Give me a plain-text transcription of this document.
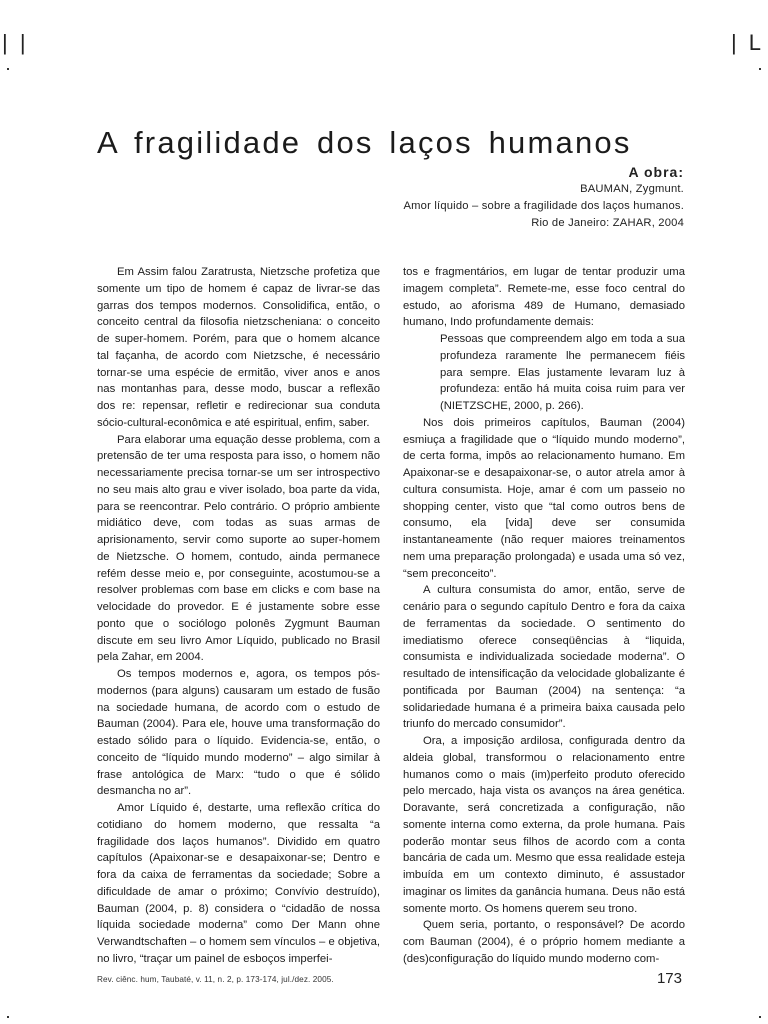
| |	| L
A fragilidade dos laços humanos
A obra:
BAUMAN, Zygmunt.
Amor líquido – sobre a fragilidade dos laços humanos.
Rio de Janeiro: ZAHAR, 2004

Em Assim falou Zaratrusta, Nietzsche profetiza que somente um tipo de homem é capaz de livrar-se das garras dos tempos modernos. Consolidifica, então, o conceito central da filosofia nietzscheniana: o conceito de super-homem. Porém, para que o homem alcance tal façanha, de acordo com Nietzsche, é necessário tornar-se uma espécie de ermitão, viver anos e anos nas montanhas para, desse modo, buscar a reflexão dos re: repensar, refletir e redirecionar sua conduta sócio-cultural-econômica e até espiritual, enfim, saber.

Para elaborar uma equação desse problema, com a pretensão de ter uma resposta para isso, o homem não necessariamente precisa tornar-se um ser introspectivo no seu mais alto grau e viver isolado, boa parte da vida, para se reencontrar. Pelo contrário. O próprio ambiente midiático deve, com todas as suas armas de aprisionamento, servir como suporte ao super-homem de Nietzsche. O homem, contudo, ainda permanece refém desse meio e, por conseguinte, acostumou-se a resolver problemas com base em clicks e com base na velocidade do provedor. E é justamente sobre esse ponto que o sociólogo polonês Zygmunt Bauman discute em seu livro Amor Líquido, publicado no Brasil pela Zahar, em 2004.

Os tempos modernos e, agora, os tempos pós-modernos (para alguns) causaram um estado de fusão na sociedade humana, de acordo com o estudo de Bauman (2004). Para ele, houve uma transformação do estado sólido para o líquido. Evidencia-se, então, o conceito de “líquido mundo moderno” – algo similar à frase antológica de Marx: “tudo o que é sólido desmancha no ar”.

Amor Líquido é, destarte, uma reflexão crítica do cotidiano do homem moderno, que ressalta “a fragilidade dos laços humanos”. Dividido em quatro capítulos (Apaixonar-se e desapaixonar-se; Dentro e fora da caixa de ferramentas da sociedade; Sobre a dificuldade de amar o próximo; Convívio destruído), Bauman (2004, p. 8) considera o “cidadão de nossa líquida sociedade moderna” como Der Mann ohne Verwandtschaften – o homem sem vínculos – e objetiva, no livro, “traçar um painel de esboços imperfei-

tos e fragmentários, em lugar de tentar produzir uma imagem completa”. Remete-me, esse foco central do estudo, ao aforisma 489 de Humano, demasiado humano, Indo profundamente demais:

Pessoas que compreendem algo em toda a sua profundeza raramente lhe permanecem fiéis para sempre. Elas justamente levaram luz à profundeza: então há muita coisa ruim para ver (NIETZSCHE, 2000, p. 266).

Nos dois primeiros capítulos, Bauman (2004) esmiuça a fragilidade que o “líquido mundo moderno”, de certa forma, impôs ao relacionamento humano. Em Apaixonar-se e desapaixonar-se, o autor atrela amor à cultura consumista. Hoje, amar é com um passeio no shopping center, visto que “tal como outros bens de consumo, ela [vida] deve ser consumida instantaneamente (não requer maiores treinamentos nem uma preparação prolongada) e usada uma só vez, “sem preconceito”.

A cultura consumista do amor, então, serve de cenário para o segundo capítulo Dentro e fora da caixa de ferramentas da sociedade. O sentimento do imediatismo oferece conseqüências à “liquida, consumista e individualizada sociedade moderna”. O resultado de intensificação da velocidade globalizante é pontificada por Bauman (2004) na sentença: “a solidariedade humana é a primeira baixa causada pelo triunfo do mercado consumidor”.

Ora, a imposição ardilosa, configurada dentro da aldeia global, transformou o relacionamento entre humanos como o mais (im)perfeito produto oferecido pelo mercado, haja vista os avanços na área genética. Doravante, será concretizada a configuração, não somente interna como externa, da prole humana. Pais poderão montar seus filhos de acordo com a conta bancária de cada um. Mesmo que essa realidade esteja imbuída em um contexto diminuto, é assustador imaginar os limites da ganância humana. Deus não está somente morto. Os homens querem seu trono.

Quem seria, portanto, o responsável? De acordo com Bauman (2004), é o próprio homem mediante a (des)configuração do líquido mundo moderno com-

Rev. ciênc. hum, Taubaté, v. 11, n. 2, p. 173-174, jul./dez. 2005.	173
